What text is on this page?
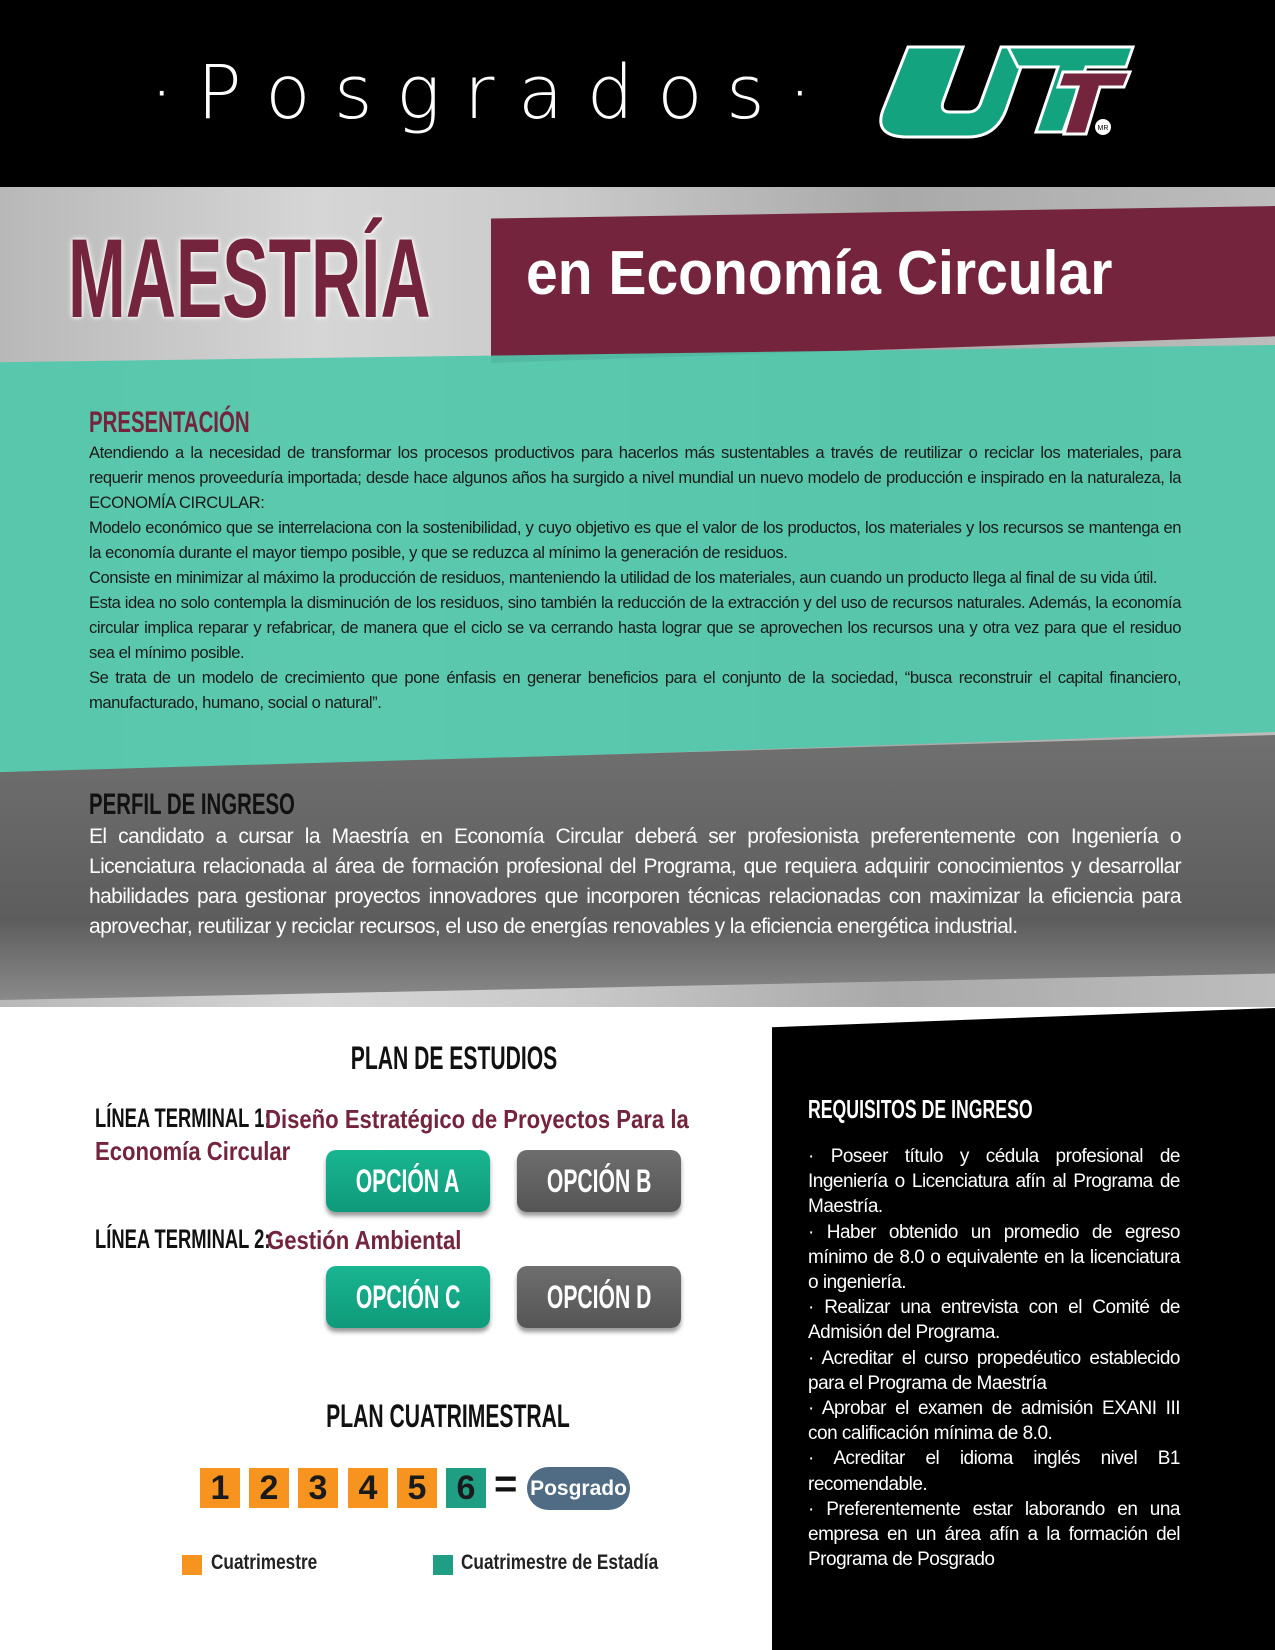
MR
· P o s g r a d o s ·
en Economía Circular
MAESTRÍA
PRESENTACIÓN

Atendiendo a la necesidad de transformar los procesos productivos para hacerlos más sustentables a través de reutilizar o reciclar los materiales, para requerir menos proveeduría importada; desde hace algunos años ha surgido a nivel mundial un nuevo modelo de producción e inspirado en la naturaleza, la ECONOMÍA CIRCULAR:

Modelo económico que se interrelaciona con la sostenibilidad, y cuyo objetivo es que el valor de los productos, los materiales y los recursos se mantenga en la economía durante el mayor tiempo posible, y que se reduzca al mínimo la generación de residuos.

Consiste en minimizar al máximo la producción de residuos, manteniendo la utilidad de los materiales, aun cuando un producto llega al final de su vida útil.

Esta idea no solo contempla la disminución de los residuos, sino también la reducción de la extracción y del uso de recursos naturales. Además, la economía circular implica reparar y refabricar, de manera que el ciclo se va cerrando hasta lograr que se aprovechen los recursos una y otra vez para que el residuo sea el mínimo posible.

Se trata de un modelo de crecimiento que pone énfasis en generar beneficios para el conjunto de la sociedad, “busca reconstruir el capital financiero, manufacturado, humano, social o natural”.

PERFIL DE INGRESO
El candidato a cursar la Maestría en Economía Circular deberá ser profesionista preferentemente con Ingeniería o Licenciatura relacionada al área de formación profesional del Programa, que requiera adquirir conocimientos y desarrollar habilidades para gestionar proyectos innovadores que incorporen técnicas relacionadas con maximizar la eficiencia para aprovechar, reutilizar y reciclar recursos, el uso de energías renovables y la eficiencia energética industrial.
PLAN DE ESTUDIOS
LÍNEA TERMINAL 1:
Diseño Estratégico de Proyectos Para la
Economía Circular
LÍNEA TERMINAL 2:
Gestión Ambiental
OPCIÓN A	OPCIÓN B
OPCIÓN C	OPCIÓN D
PLAN CUATRIMESTRAL
1 2 3 4 5 6 = Posgrado
Cuatrimestre	Cuatrimestre de Estadía
REQUISITOS DE INGRESO
· Poseer título y cédula profesional de Ingeniería o Licenciatura afín al Programa de Maestría.
· Haber obtenido un promedio de egreso mínimo de 8.0 o equivalente en la licenciatura o ingeniería.
· Realizar una entrevista con el Comité de Admisión del Programa.
· Acreditar el curso propedéutico establecido para el Programa de Maestría
· Aprobar el examen de admisión EXANI III con calificación mínima de 8.0.
· Acreditar el idioma inglés nivel B1 recomendable.
· Preferentemente estar laborando en una empresa en un área afín a la formación del Programa de Posgrado
